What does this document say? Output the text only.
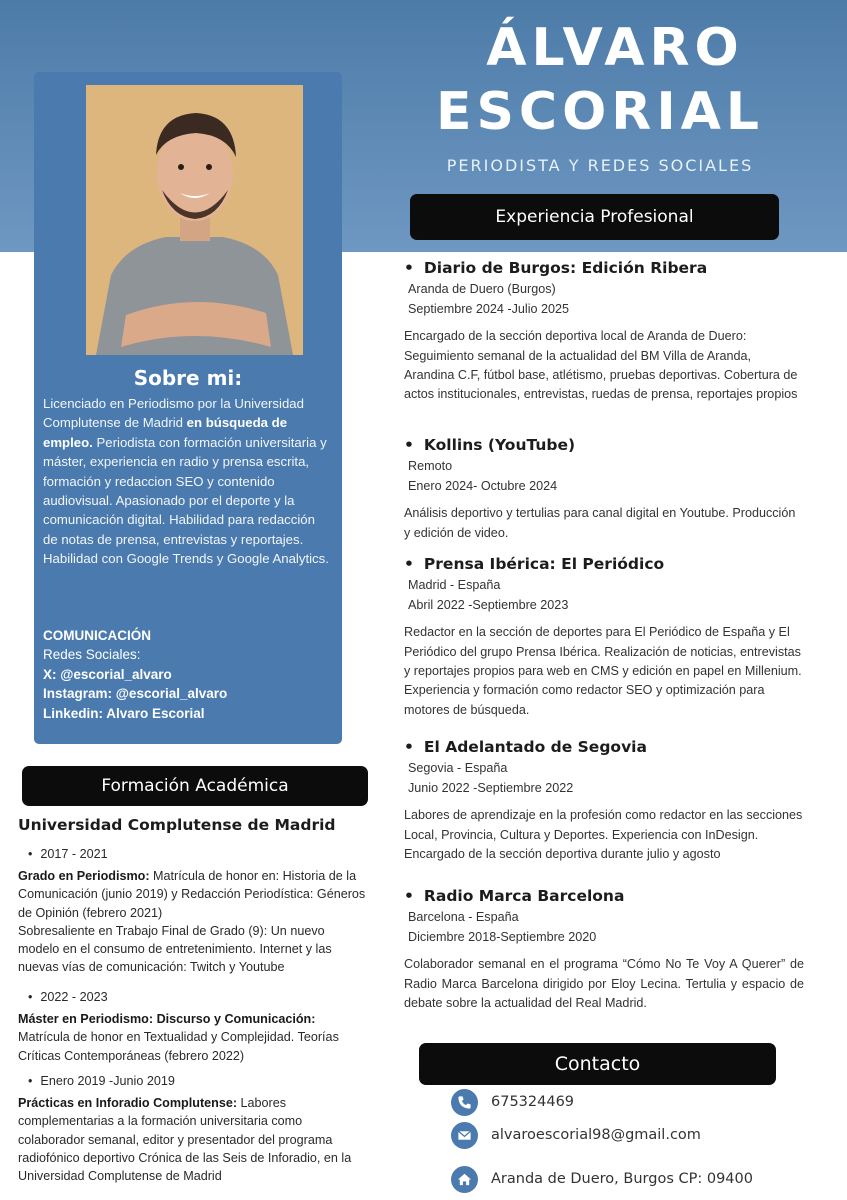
ÁLVARO
ESCORIAL
PERIODISTA Y REDES SOCIALES
Sobre mi:
Licenciado en Periodismo por la Universidad Complutense de Madrid en búsqueda de empleo. Periodista con formación universitaria y máster, experiencia en radio y prensa escrita, formación y redaccion SEO y contenido audiovisual. Apasionado por el deporte y la comunicación digital. Habilidad para redacción de notas de prensa, entrevistas y reportajes. Habilidad con Google Trends y Google Analytics.
COMUNICACIÓN
Redes Sociales:
X: @escorial_alvaro
Instagram: @escorial_alvaro
Linkedin: Alvaro Escorial
Experiencia Profesional
• Diario de Burgos: Edición Ribera
Aranda de Duero (Burgos)
Septiembre 2024 -Julio 2025
Encargado de la sección deportiva local de Aranda de Duero: Seguimiento semanal de la actualidad del BM Villa de Aranda, Arandina C.F, fútbol base, atlétismo, pruebas deportivas. Cobertura de actos institucionales, entrevistas, ruedas de prensa, reportajes propios
• Kollins (YouTube)
Remoto
Enero 2024- Octubre 2024
Análisis deportivo y tertulias para canal digital en Youtube. Producción y edición de video.
• Prensa Ibérica: El Periódico
Madrid - España
Abril 2022 -Septiembre 2023
Redactor en la sección de deportes para El Periódico de España y El Periódico del grupo Prensa Ibérica. Realización de noticias, entrevistas y reportajes propios para web en CMS y edición en papel en Millenium. Experiencia y formación como redactor SEO y optimización para motores de búsqueda.
• El Adelantado de Segovia
Segovia - España
Junio 2022 -Septiembre 2022
Labores de aprendizaje en la profesión como redactor en las secciones Local, Provincia, Cultura y Deportes. Experiencia con InDesign. Encargado de la sección deportiva durante julio y agosto
• Radio Marca Barcelona
Barcelona - España
Diciembre 2018-Septiembre 2020
Colaborador semanal en el programa “Cómo No Te Voy A Querer” de Radio Marca Barcelona dirigido por Eloy Lecina. Tertulia y espacio de debate sobre la actualidad del Real Madrid.
Formación Académica
Universidad Complutense de Madrid
• 2017 - 2021
Grado en Periodismo: Matrícula de honor en: Historia de la Comunicación (junio 2019) y Redacción Periodística: Géneros de Opinión (febrero 2021)
Sobresaliente en Trabajo Final de Grado (9): Un nuevo modelo en el consumo de entretenimiento. Internet y las nuevas vías de comunicación: Twitch y Youtube
• 2022 - 2023
Máster en Periodismo: Discurso y Comunicación:
Matrícula de honor en Textualidad y Complejidad. Teorías Críticas Contemporáneas (febrero 2022)
• Enero 2019 -Junio 2019
Prácticas en Inforadio Complutense: Labores complementarias a la formación universitaria como colaborador semanal, editor y presentador del programa radiofónico deportivo Crónica de las Seis de Inforadio, en la Universidad Complutense de Madrid
Contacto
675324469
alvaroescorial98@gmail.com
Aranda de Duero, Burgos CP: 09400
